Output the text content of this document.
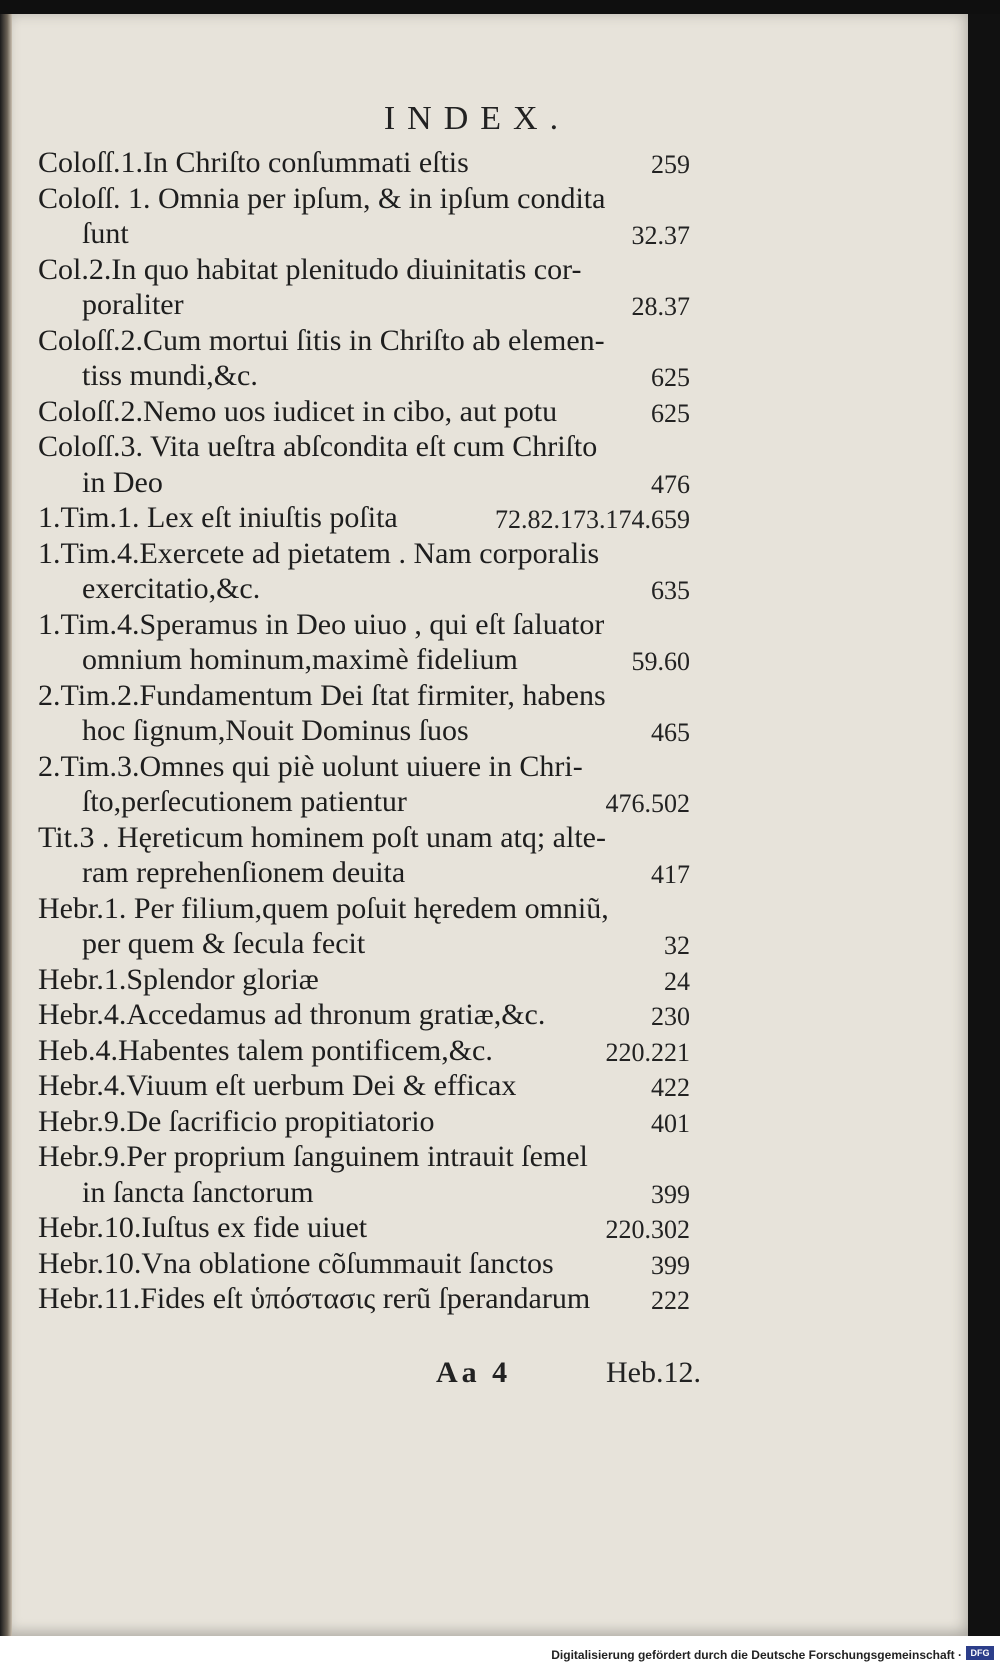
INDEX.
Coloſſ.1.In Chriſto conſummati eſtis	259
Coloſſ. 1. Omnia per ipſum, & in ipſum condita
ſunt	32.37
Col.2.In quo habitat plenitudo diuinitatis cor-
poraliter	28.37
Coloſſ.2.Cum mortui ſitis in Chriſto ab elemen-
tiss mundi,&c.	625
Coloſſ.2.Nemo uos iudicet in cibo, aut potu	625
Coloſſ.3. Vita ueſtra abſcondita eſt cum Chriſto
in Deo	476
1.Tim.1. Lex eſt iniuſtis poſita	72.82.173.174.659
1.Tim.4.Exercete ad pietatem . Nam corporalis
exercitatio,&c.	635
1.Tim.4.Speramus in Deo uiuo , qui eſt ſaluator
omnium hominum,maximè fidelium	59.60
2.Tim.2.Fundamentum Dei ſtat firmiter, habens
hoc ſignum,Nouit Dominus ſuos	465
2.Tim.3.Omnes qui piè uolunt uiuere in Chri-
ſto,perſecutionem patientur	476.502
Tit.3 . Hęreticum hominem poſt unam atq; alte-
ram reprehenſionem deuita	417
Hebr.1. Per filium,quem poſuit hęredem omniũ,
per quem & ſecula fecit	32
Hebr.1.Splendor gloriæ	24
Hebr.4.Accedamus ad thronum gratiæ,&c.	230
Heb.4.Habentes talem pontificem,&c.	220.221
Hebr.4.Viuum eſt uerbum Dei & efficax	422
Hebr.9.De ſacrificio propitiatorio	401
Hebr.9.Per proprium ſanguinem intrauit ſemel
in ſancta ſanctorum	399
Hebr.10.Iuſtus ex fide uiuet	220.302
Hebr.10.Vna oblatione cõſummauit ſanctos	399
Hebr.11.Fides eſt ὑπόστασις rerũ ſperandarum 222
Aa 4	Heb.12.
Digitalisierung gefördert durch die Deutsche Forschungsgemeinschaft · DFG
